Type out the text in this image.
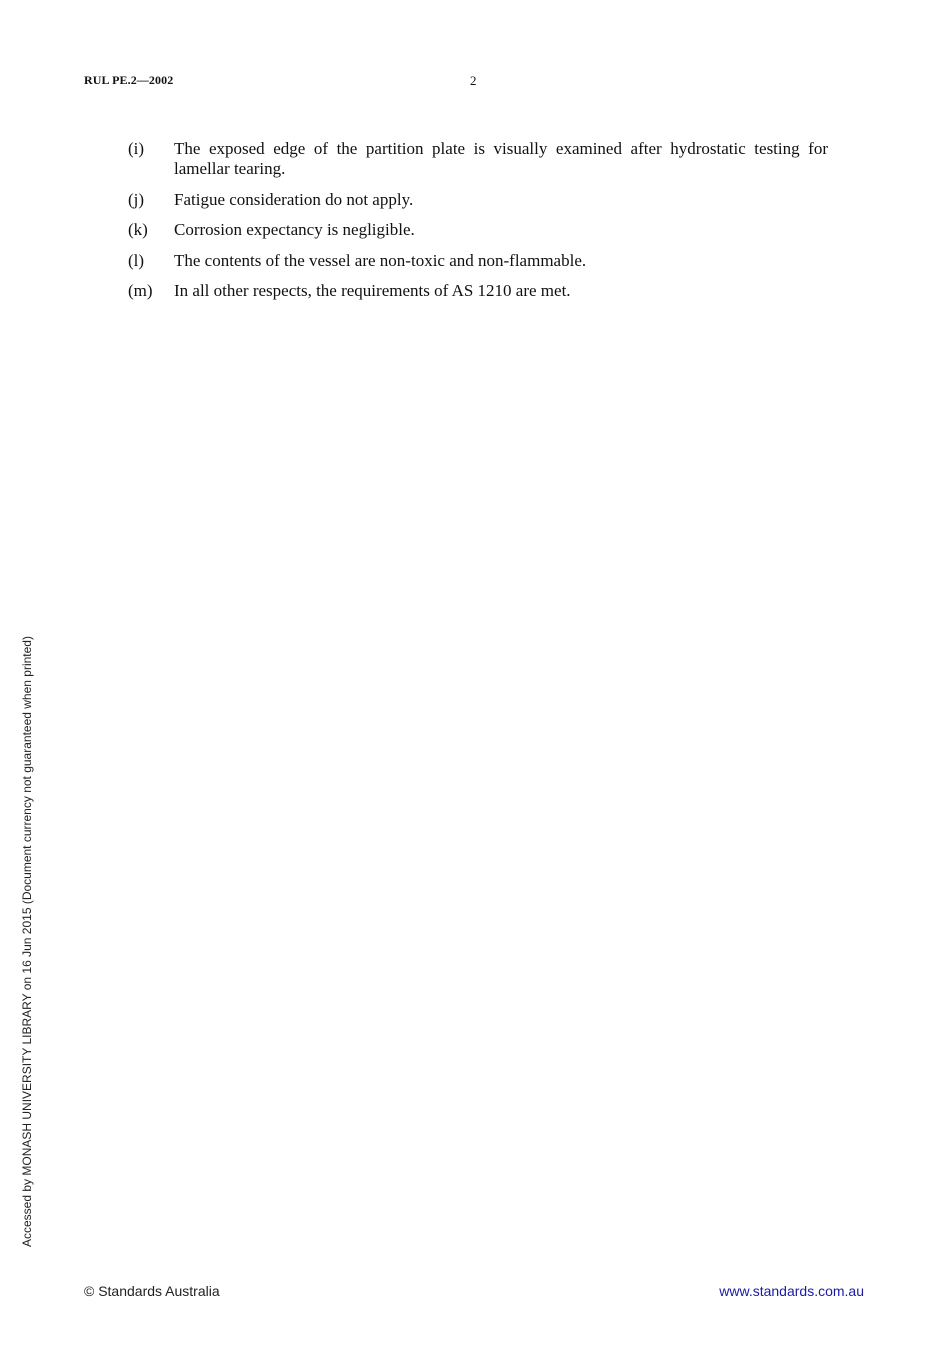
RUL PE.2—2002	2
(i)	The exposed edge of the partition plate is visually examined after hydrostatic testing for lamellar tearing.
(j)	Fatigue consideration do not apply.
(k)	Corrosion expectancy is negligible.
(l)	The contents of the vessel are non-toxic and non-flammable.
(m)	In all other respects, the requirements of AS 1210 are met.
Accessed by MONASH UNIVERSITY LIBRARY on 16 Jun 2015 (Document currency not guaranteed when printed)
© Standards Australia	www.standards.com.au
